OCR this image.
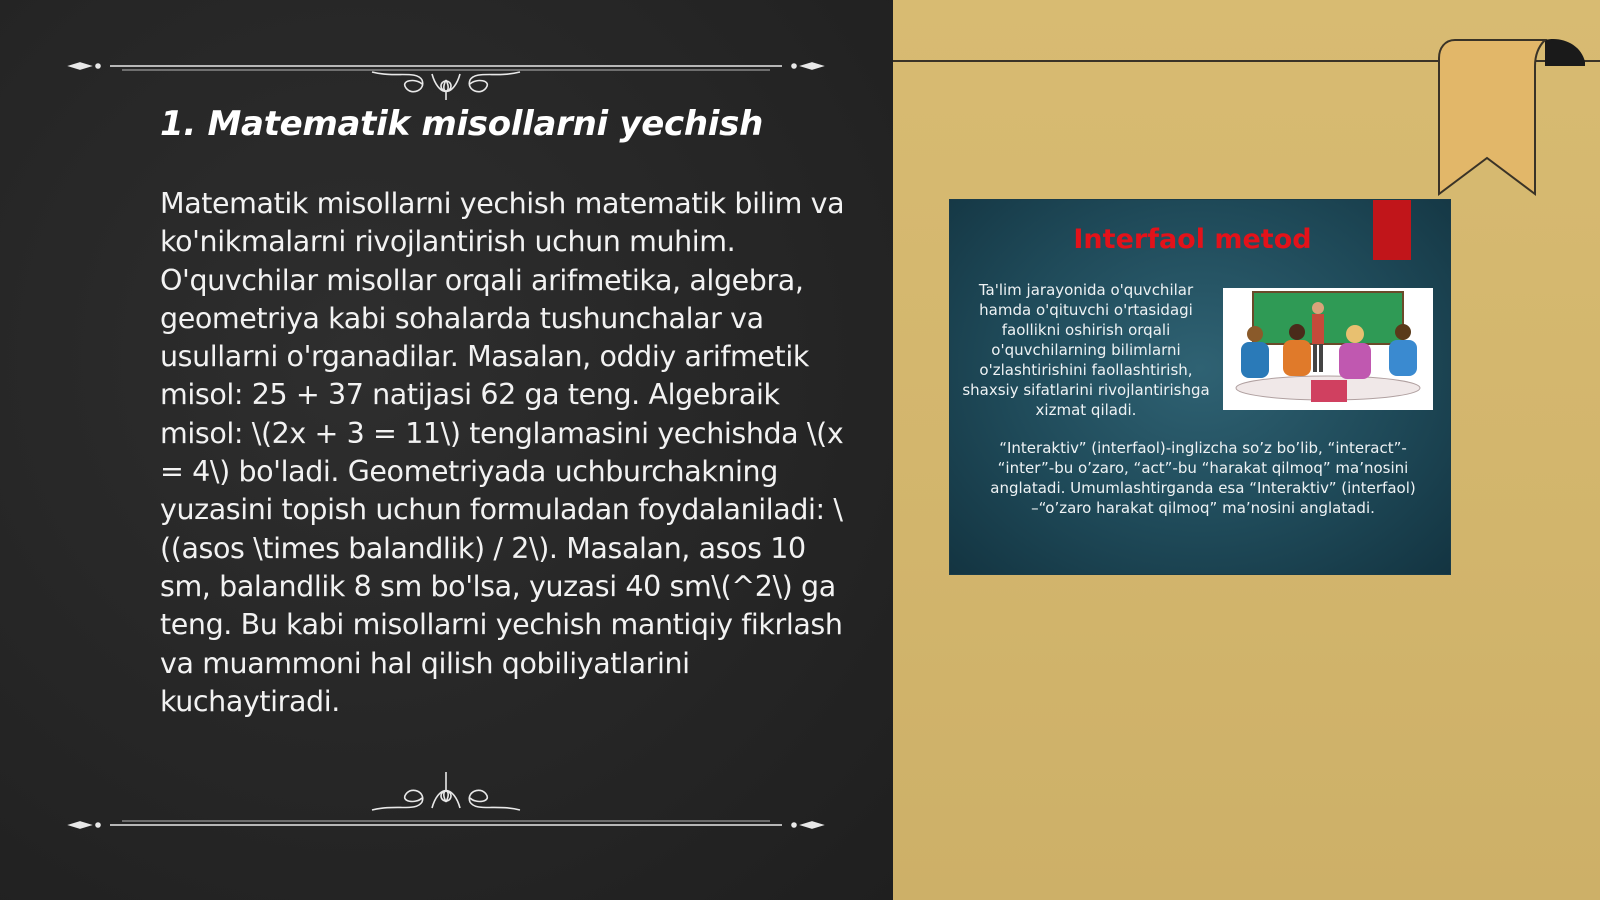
1. Matematik misollarni yechish

Matematik misollarni yechish matematik bilim va ko'nikmalarni rivojlantirish uchun muhim. O'quvchilar misollar orqali arifmetika, algebra, geometriya kabi sohalarda tushunchalar va usullarni o'rganadilar. Masalan, oddiy arifmetik misol: 25 + 37 natijasi 62 ga teng. Algebraik misol: \(2x + 3 = 11\) tenglamasini yechishda \(x = 4\) bo'ladi. Geometriyada uchburchakning yuzasini topish uchun formuladan foydalaniladi: \((asos \times balandlik) / 2\). Masalan, asos 10 sm, balandlik 8 sm bo'lsa, yuzasi 40 sm\(^2\) ga teng. Bu kabi misollarni yechish mantiqiy fikrlash va muammoni hal qilish qobiliyatlarini kuchaytiradi.

Interfaol metod

Ta'lim jarayonida o'quvchilar hamda o'qituvchi o'rtasidagi faollikni oshirish orqali o'quvchilarning bilimlarni o'zlashtirishini faollashtirish, shaxsiy sifatlarini rivojlantirishga xizmat qiladi.

“Interaktiv” (interfaol)-inglizcha so’z bo’lib, “interact”- “inter”-bu o’zaro, “act”-bu “harakat qilmoq” ma’nosini anglatadi. Umumlashtirganda esa “Interaktiv” (interfaol) –“o’zaro harakat qilmoq” ma’nosini anglatadi.
